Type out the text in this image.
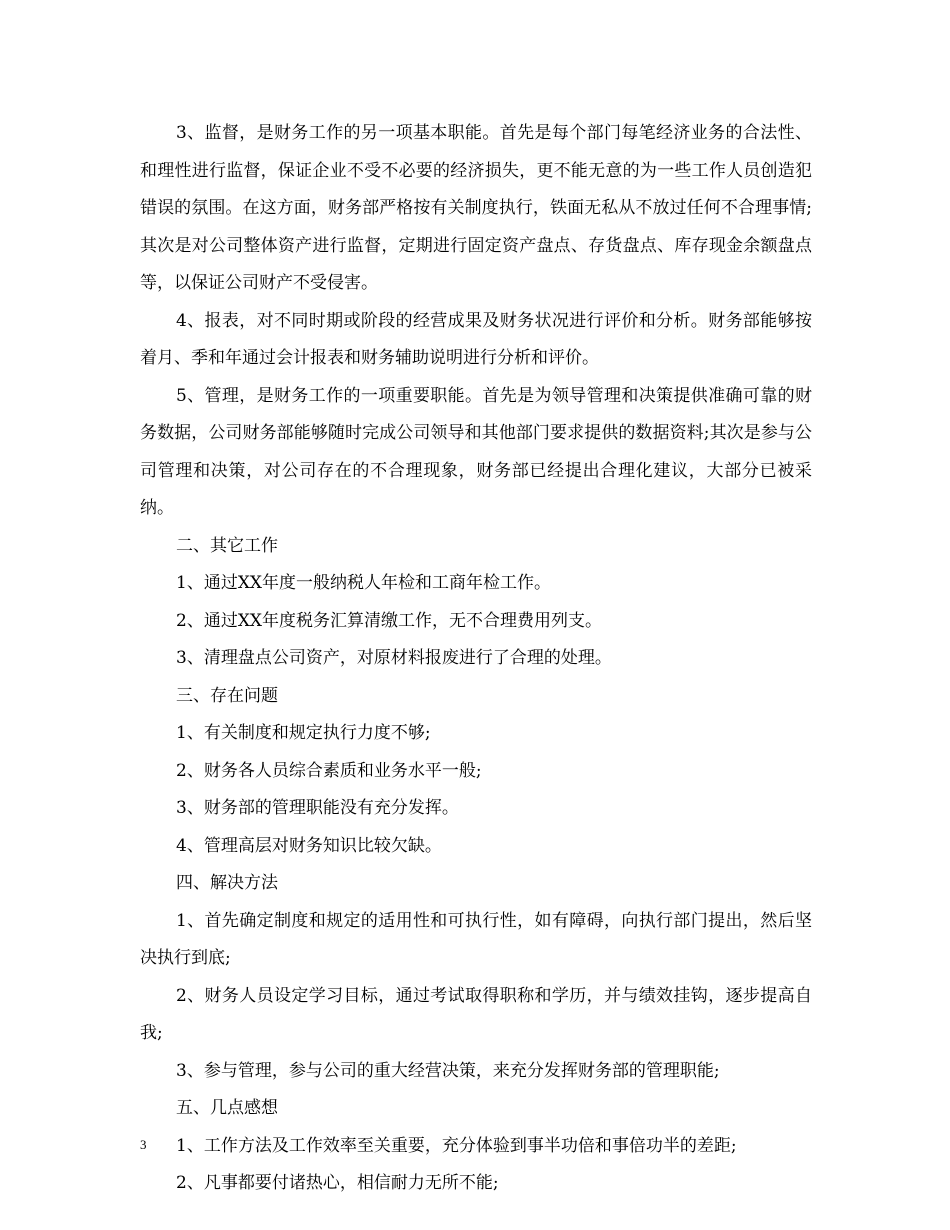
3、监督，是财务工作的另一项基本职能。首先是每个部门每笔经济业务的合法性、和理性进行监督，保证企业不受不必要的经济损失，更不能无意的为一些工作人员创造犯错误的氛围。在这方面，财务部严格按有关制度执行，铁面无私从不放过任何不合理事情;其次是对公司整体资产进行监督，定期进行固定资产盘点、存货盘点、库存现金余额盘点等，以保证公司财产不受侵害。

4、报表，对不同时期或阶段的经营成果及财务状况进行评价和分析。财务部能够按着月、季和年通过会计报表和财务辅助说明进行分析和评价。

5、管理，是财务工作的一项重要职能。首先是为领导管理和决策提供准确可靠的财务数据，公司财务部能够随时完成公司领导和其他部门要求提供的数据资料;其次是参与公司管理和决策，对公司存在的不合理现象，财务部已经提出合理化建议，大部分已被采纳。

二、其它工作

1、通过XX年度一般纳税人年检和工商年检工作。

2、通过XX年度税务汇算清缴工作，无不合理费用列支。

3、清理盘点公司资产，对原材料报废进行了合理的处理。

三、存在问题

1、有关制度和规定执行力度不够;

2、财务各人员综合素质和业务水平一般;

3、财务部的管理职能没有充分发挥。

4、管理高层对财务知识比较欠缺。

四、解决方法

1、首先确定制度和规定的适用性和可执行性，如有障碍，向执行部门提出，然后坚决执行到底;

2、财务人员设定学习目标，通过考试取得职称和学历，并与绩效挂钩，逐步提高自我;

3、参与管理，参与公司的重大经营决策，来充分发挥财务部的管理职能;

五、几点感想

1、工作方法及工作效率至关重要，充分体验到事半功倍和事倍功半的差距;

2、凡事都要付诸热心，相信耐力无所不能;

3
